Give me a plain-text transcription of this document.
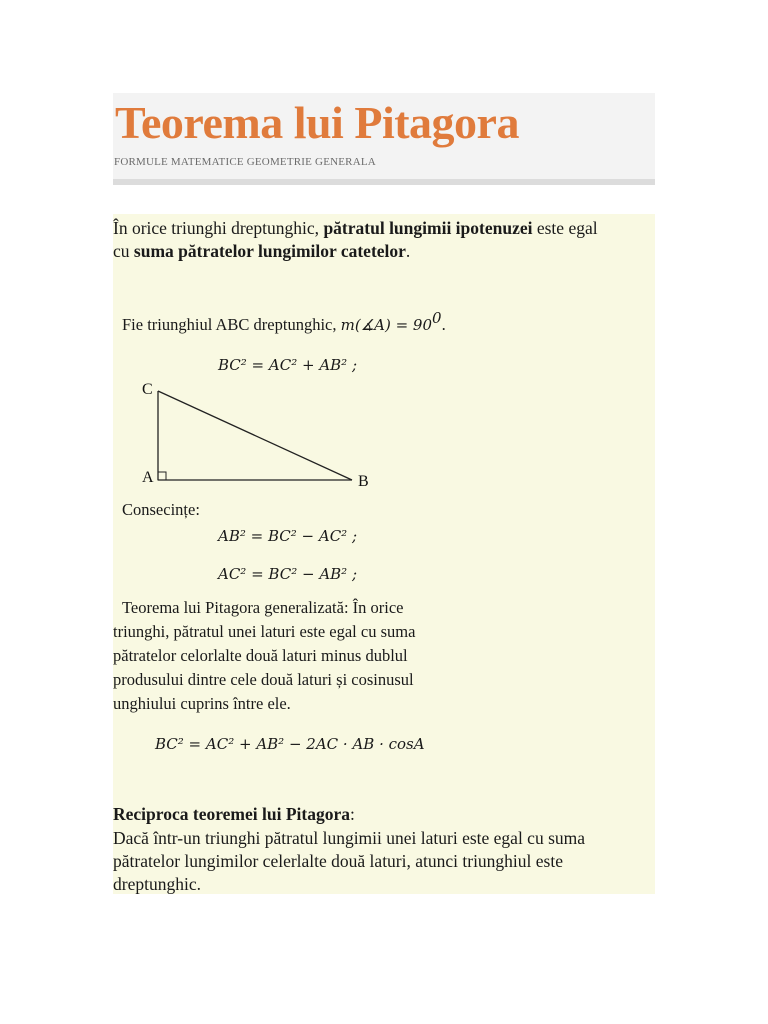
Teorema lui Pitagora
FORMULE MATEMATICE GEOMETRIE GENERALA
În orice triunghi dreptunghic, pătratul lungimii ipotenuzei este egal
cu suma pătratelor lungimilor catetelor.
Fie triunghiul ABC dreptunghic, m(∡A) = $90^0$.
BC² = AC² + AB² ;
C
A	B
Consecințe:
AB² = BC² − AC² ;
AC² = BC² − AB² ;
Teorema lui Pitagora generalizată: În orice
triunghi, pătratul unei laturi este egal cu suma
pătratelor celorlalte două laturi minus dublul
produsului dintre cele două laturi și cosinusul
unghiului cuprins între ele.
BC² = AC² + AB² − 2AC · AB · cosA
Reciproca teoremei lui Pitagora:
Dacă într-un triunghi pătratul lungimii unei laturi este egal cu suma
pătratelor lungimilor celerlalte două laturi, atunci triunghiul este
dreptunghic.
